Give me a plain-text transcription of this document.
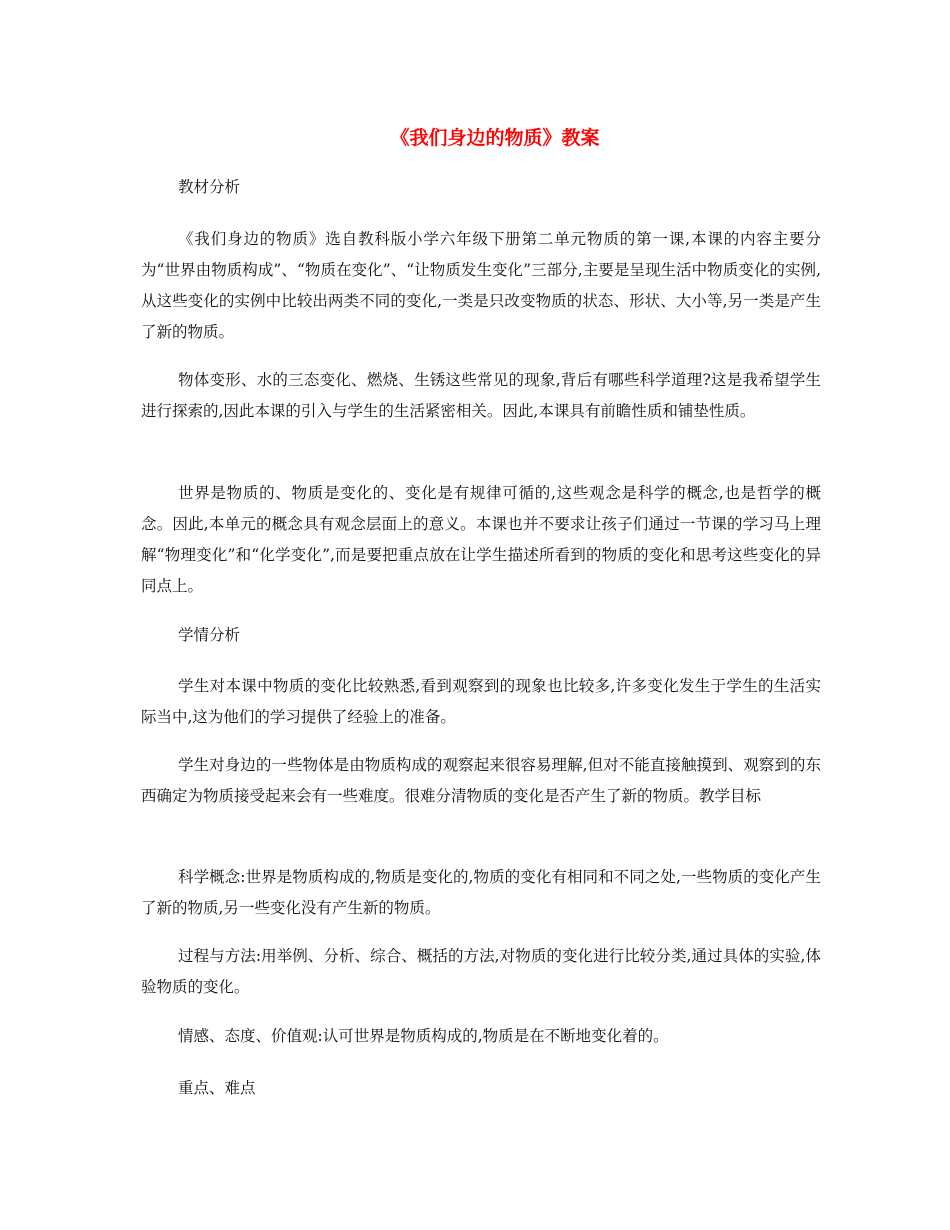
《我们身边的物质》教案
教材分析

《我们身边的物质》选自教科版小学六年级下册第二单元物质的第一课,本课的内容主要分为“世界由物质构成”、“物质在变化”、“让物质发生变化”三部分,主要是呈现生活中物质变化的实例,从这些变化的实例中比较出两类不同的变化,一类是只改变物质的状态、形状、大小等,另一类是产生了新的物质。

物体变形、水的三态变化、燃烧、生锈这些常见的现象,背后有哪些科学道理?这是我希望学生进行探索的,因此本课的引入与学生的生活紧密相关。因此,本课具有前瞻性质和铺垫性质。

世界是物质的、物质是变化的、变化是有规律可循的,这些观念是科学的概念,也是哲学的概念。因此,本单元的概念具有观念层面上的意义。本课也并不要求让孩子们通过一节课的学习马上理解“物理变化”和“化学变化”,而是要把重点放在让学生描述所看到的物质的变化和思考这些变化的异同点上。

学情分析

学生对本课中物质的变化比较熟悉,看到观察到的现象也比较多,许多变化发生于学生的生活实际当中,这为他们的学习提供了经验上的准备。

学生对身边的一些物体是由物质构成的观察起来很容易理解,但对不能直接触摸到、观察到的东西确定为物质接受起来会有一些难度。很难分清物质的变化是否产生了新的物质。教学目标

科学概念:世界是物质构成的,物质是变化的,物质的变化有相同和不同之处,一些物质的变化产生了新的物质,另一些变化没有产生新的物质。

过程与方法:用举例、分析、综合、概括的方法,对物质的变化进行比较分类,通过具体的实验,体验物质的变化。

情感、态度、价值观:认可世界是物质构成的,物质是在不断地变化着的。

重点、难点
